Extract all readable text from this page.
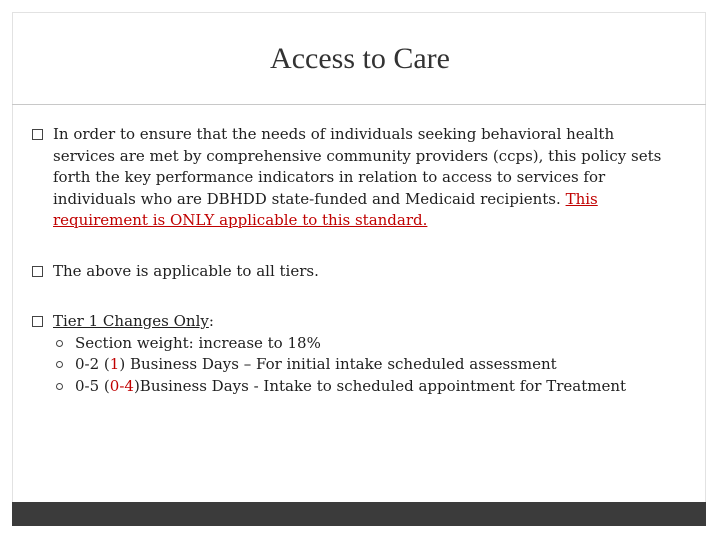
Access to Care
In order to ensure that the needs of individuals seeking behavioral health services are met by comprehensive community providers (ccps), this policy sets forth the key performance indicators in relation to access to services for individuals who are DBHDD state-funded and Medicaid recipients. This requirement is ONLY applicable to this standard.
The above is applicable to all tiers.
Tier 1 Changes Only:
Section weight: increase to 18%
0-2 (1) Business Days – For initial intake scheduled assessment
0-5 (0-4)Business Days - Intake to scheduled appointment for Treatment
